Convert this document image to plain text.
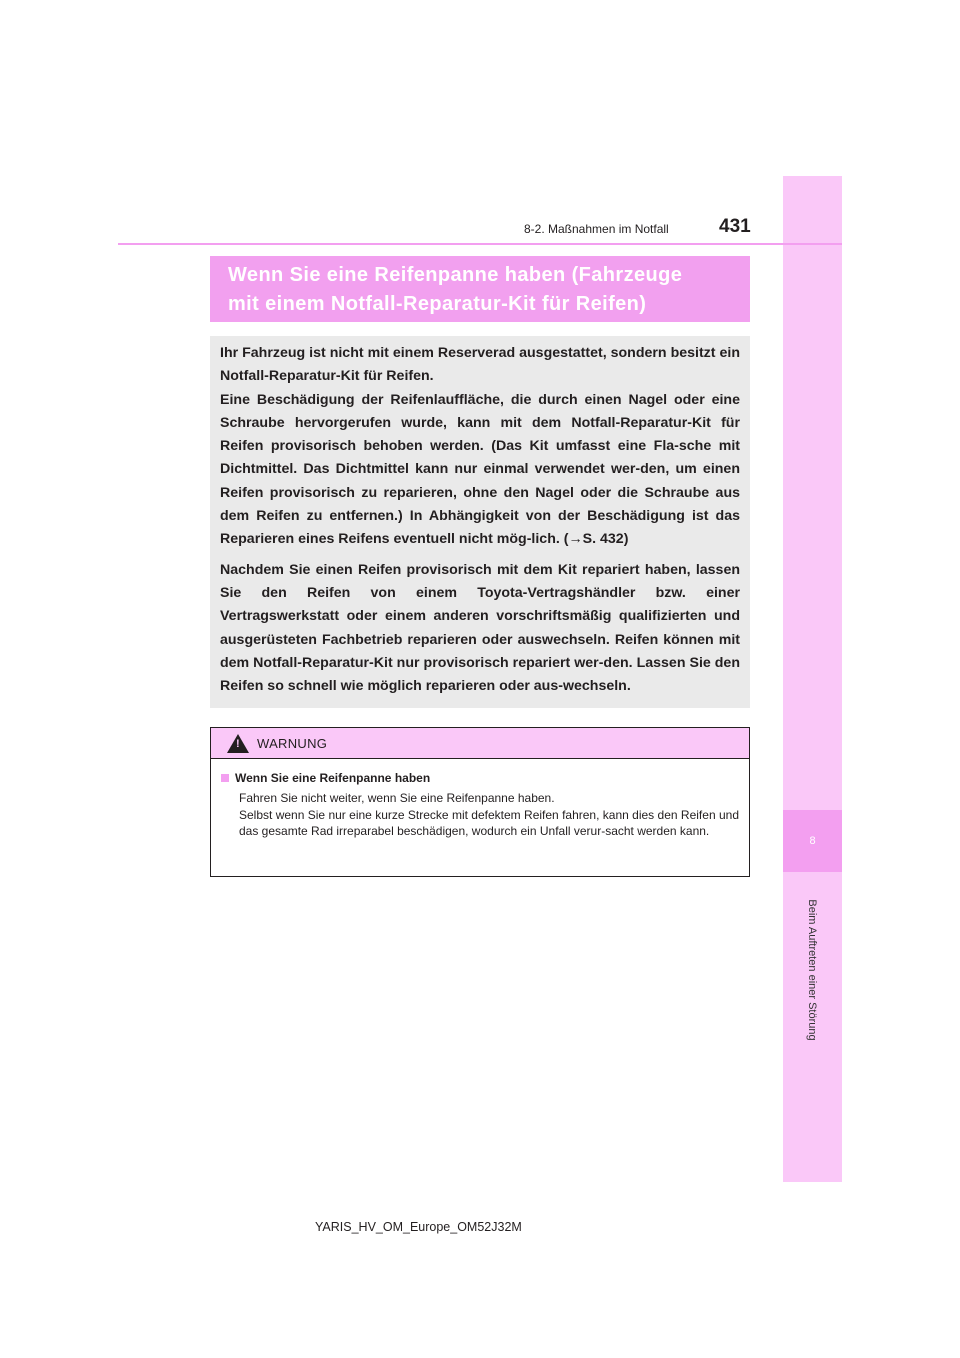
8
Beim Auftreten einer Störung
8-2. Maßnahmen im Notfall	431
Wenn Sie eine Reifenpanne haben (Fahrzeuge
mit einem Notfall-Reparatur-Kit für Reifen)

Ihr Fahrzeug ist nicht mit einem Reserverad ausgestattet, sondern besitzt ein Notfall-Reparatur-Kit für Reifen.

Eine Beschädigung der Reifenlauffläche, die durch einen Nagel oder eine Schraube hervorgerufen wurde, kann mit dem Notfall-Reparatur-Kit für Reifen provisorisch behoben werden. (Das Kit umfasst eine Fla-sche mit Dichtmittel. Das Dichtmittel kann nur einmal verwendet wer-den, um einen Reifen provisorisch zu reparieren, ohne den Nagel oder die Schraube aus dem Reifen zu entfernen.) In Abhängigkeit von der Beschädigung ist das Reparieren eines Reifens eventuell nicht mög-lich. (→S. 432)

Nachdem Sie einen Reifen provisorisch mit dem Kit repariert haben, lassen Sie den Reifen von einem Toyota-Vertragshändler bzw. einer Vertragswerkstatt oder einem anderen vorschriftsmäßig qualifizierten und ausgerüsteten Fachbetrieb reparieren oder auswechseln. Reifen können mit dem Notfall-Reparatur-Kit nur provisorisch repariert wer-den. Lassen Sie den Reifen so schnell wie möglich reparieren oder aus-wechseln.

! WARNUNG
Wenn Sie eine Reifenpanne haben
Fahren Sie nicht weiter, wenn Sie eine Reifenpanne haben.
Selbst wenn Sie nur eine kurze Strecke mit defektem Reifen fahren, kann dies den Reifen und das gesamte Rad irreparabel beschädigen, wodurch ein Unfall verur-sacht werden kann.
YARIS_HV_OM_Europe_OM52J32M
